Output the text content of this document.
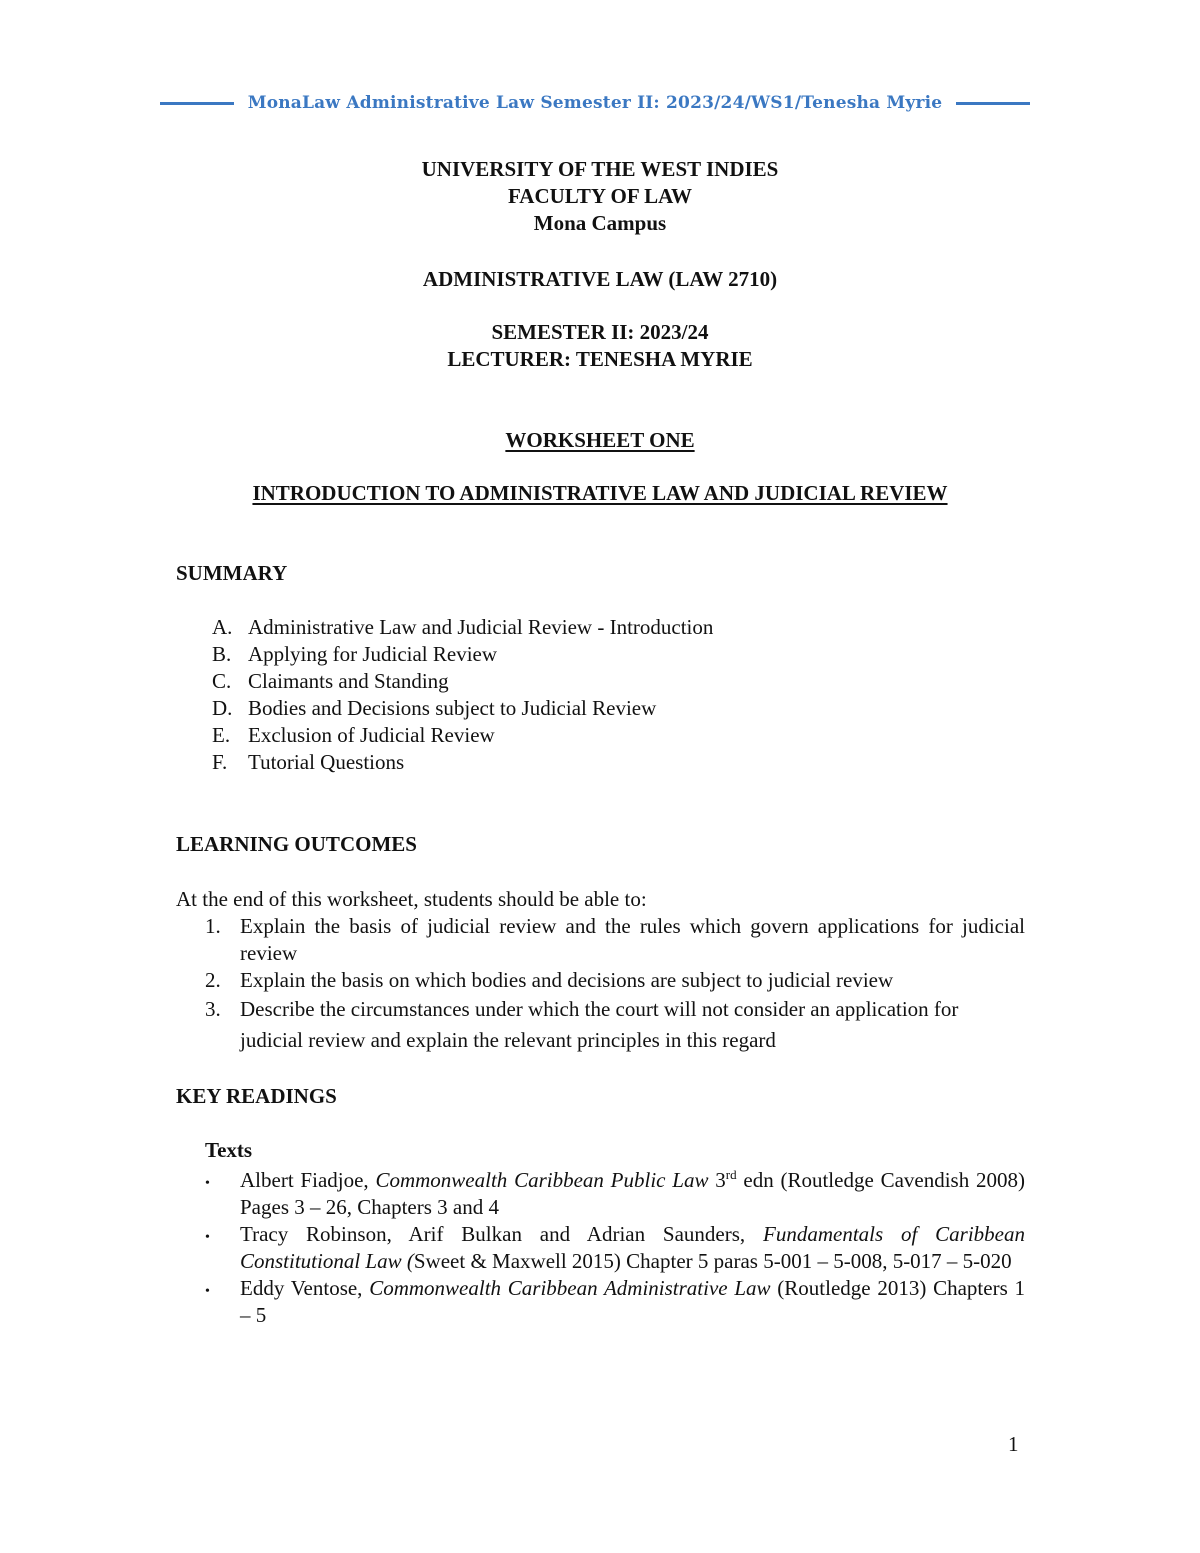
MonaLaw Administrative Law Semester II: 2023/24/WS1/Tenesha Myrie
UNIVERSITY OF THE WEST INDIES
FACULTY OF LAW
Mona Campus
ADMINISTRATIVE LAW (LAW 2710)
SEMESTER II: 2023/24
LECTURER: TENESHA MYRIE
WORKSHEET ONE
INTRODUCTION TO ADMINISTRATIVE LAW AND JUDICIAL REVIEW
SUMMARY
A. Administrative Law and Judicial Review - Introduction
B. Applying for Judicial Review
C. Claimants and Standing
D. Bodies and Decisions subject to Judicial Review
E. Exclusion of Judicial Review
F. Tutorial Questions
LEARNING OUTCOMES
At the end of this worksheet, students should be able to:
1. Explain the basis of judicial review and the rules which govern applications for judicial review
2. Explain the basis on which bodies and decisions are subject to judicial review
3. Describe the circumstances under which the court will not consider an application for judicial review and explain the relevant principles in this regard
KEY READINGS
Texts
•	Albert Fiadjoe, Commonwealth Caribbean Public Law 3rd edn (Routledge Cavendish 2008) Pages 3 – 26, Chapters 3 and 4
•	Tracy Robinson, Arif Bulkan and Adrian Saunders, Fundamentals of Caribbean Constitutional Law (Sweet & Maxwell 2015) Chapter 5 paras 5-001 – 5-008, 5-017 – 5-020
•	Eddy Ventose, Commonwealth Caribbean Administrative Law (Routledge 2013) Chapters 1 – 5
1
